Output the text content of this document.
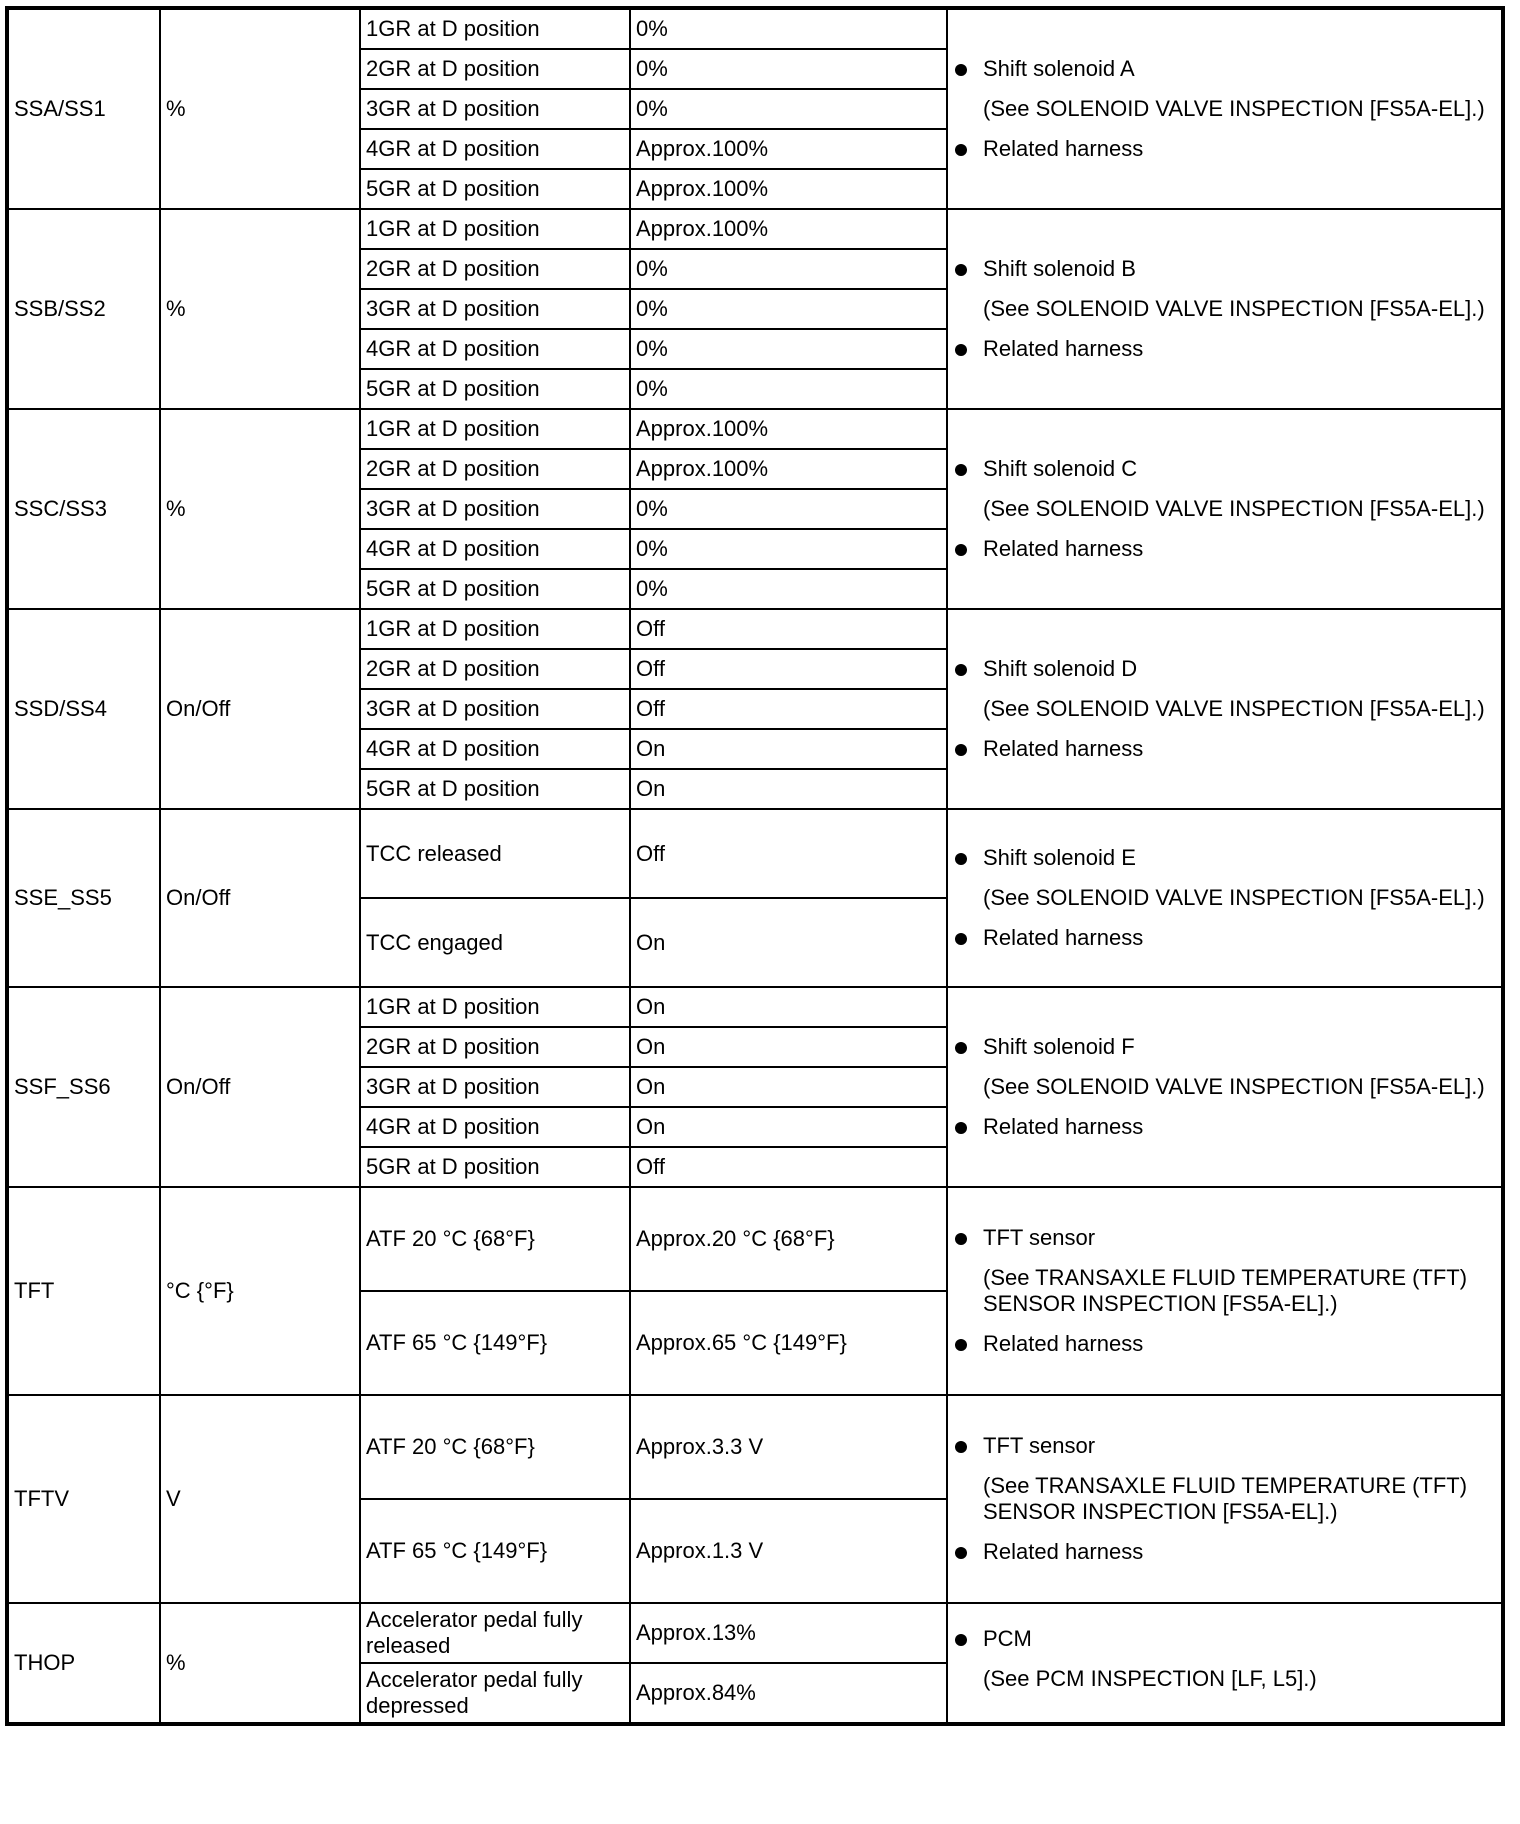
SSA/SS1	%	1GR at D position	0%	Shift solenoid A
(See SOLENOID VALVE INSPECTION [FS5A-EL].)
Related harness

		2GR at D position	0%	
		3GR at D position	0%	
		4GR at D position	Approx.100%	
		5GR at D position	Approx.100%	
SSB/SS2	%	1GR at D position	Approx.100%	Shift solenoid B
(See SOLENOID VALVE INSPECTION [FS5A-EL].)
Related harness

		2GR at D position	0%	
		3GR at D position	0%	
		4GR at D position	0%	
		5GR at D position	0%	
SSC/SS3	%	1GR at D position	Approx.100%	Shift solenoid C
(See SOLENOID VALVE INSPECTION [FS5A-EL].)
Related harness

		2GR at D position	Approx.100%	
		3GR at D position	0%	
		4GR at D position	0%	
		5GR at D position	0%	
SSD/SS4	On/Off	1GR at D position	Off	Shift solenoid D
(See SOLENOID VALVE INSPECTION [FS5A-EL].)
Related harness

		2GR at D position	Off	
		3GR at D position	Off	
		4GR at D position	On	
		5GR at D position	On	
SSE_SS5	On/Off	TCC released	Off	Shift solenoid E
(See SOLENOID VALVE INSPECTION [FS5A-EL].)
Related harness

		TCC engaged	On	
SSF_SS6	On/Off	1GR at D position	On	Shift solenoid F
(See SOLENOID VALVE INSPECTION [FS5A-EL].)
Related harness

		2GR at D position	On	
		3GR at D position	On	
		4GR at D position	On	
		5GR at D position	Off	
TFT	°C {°F}	ATF 20 °C {68°F}	Approx.20 °C {68°F}	TFT sensor
(See TRANSAXLE FLUID TEMPERATURE (TFT) SENSOR INSPECTION [FS5A-EL].)
Related harness

		ATF 65 °C {149°F}	Approx.65 °C {149°F}	
TFTV	V	ATF 20 °C {68°F}	Approx.3.3 V	TFT sensor
(See TRANSAXLE FLUID TEMPERATURE (TFT) SENSOR INSPECTION [FS5A-EL].)
Related harness

		ATF 65 °C {149°F}	Approx.1.3 V	
THOP	%	Accelerator pedal fully released	Approx.13%	PCM
(See PCM INSPECTION [LF, L5].)

		Accelerator pedal fully depressed	Approx.84%	
